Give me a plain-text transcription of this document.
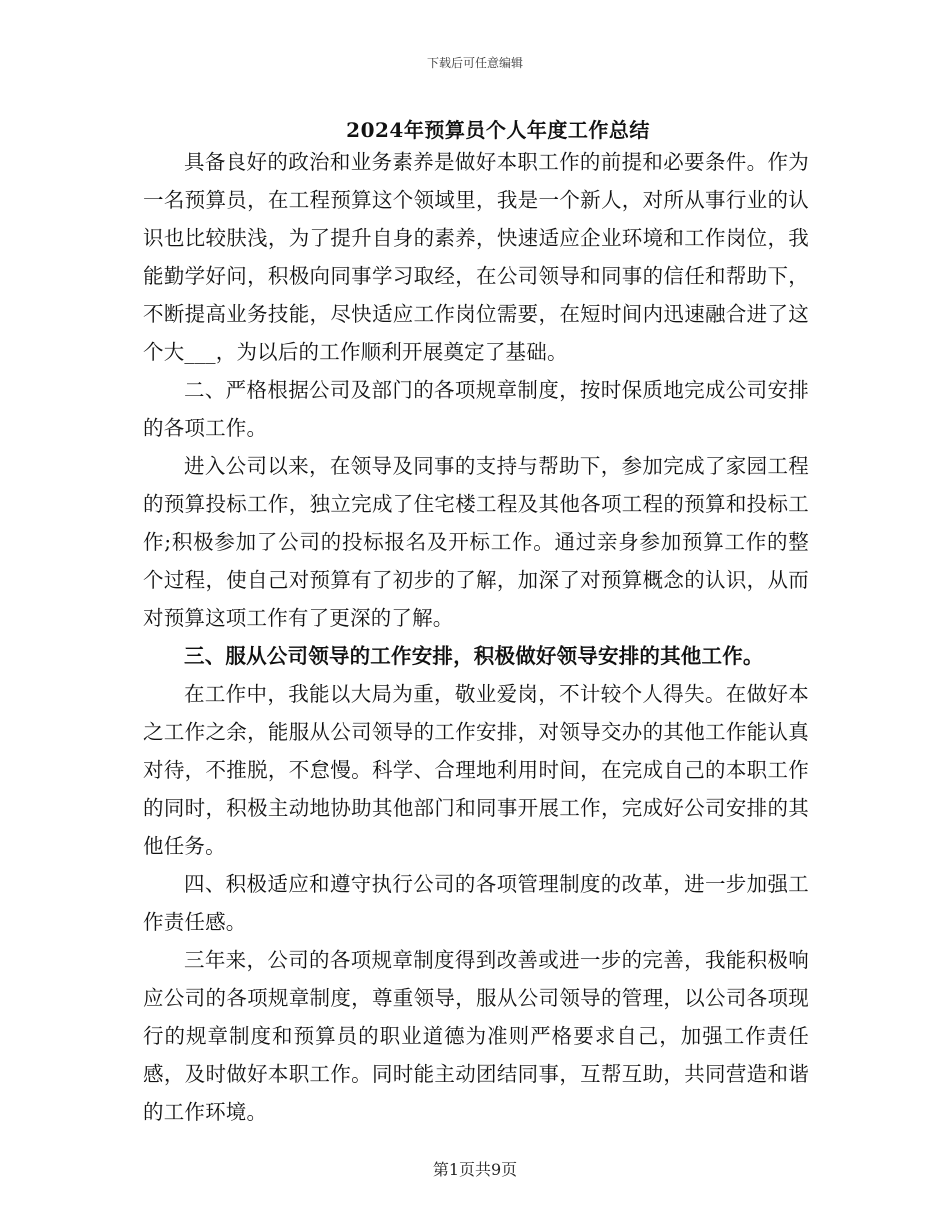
下载后可任意编辑
2024年预算员个人年度工作总结

具备良好的政治和业务素养是做好本职工作的前提和必要条件。作为一名预算员，在工程预算这个领域里，我是一个新人，对所从事行业的认识也比较肤浅，为了提升自身的素养，快速适应企业环境和工作岗位，我能勤学好问，积极向同事学习取经，在公司领导和同事的信任和帮助下，不断提高业务技能，尽快适应工作岗位需要，在短时间内迅速融合进了这个大___，为以后的工作顺利开展奠定了基础。

二、严格根据公司及部门的各项规章制度，按时保质地完成公司安排的各项工作。

进入公司以来，在领导及同事的支持与帮助下，参加完成了家园工程的预算投标工作，独立完成了住宅楼工程及其他各项工程的预算和投标工作;积极参加了公司的投标报名及开标工作。通过亲身参加预算工作的整个过程，使自己对预算有了初步的了解，加深了对预算概念的认识，从而对预算这项工作有了更深的了解。

三、服从公司领导的工作安排，积极做好领导安排的其他工作。

在工作中，我能以大局为重，敬业爱岗，不计较个人得失。在做好本之工作之余，能服从公司领导的工作安排，对领导交办的其他工作能认真对待，不推脱，不怠慢。科学、合理地利用时间，在完成自己的本职工作的同时，积极主动地协助其他部门和同事开展工作，完成好公司安排的其他任务。

四、积极适应和遵守执行公司的各项管理制度的改革，进一步加强工作责任感。

三年来，公司的各项规章制度得到改善或进一步的完善，我能积极响应公司的各项规章制度，尊重领导，服从公司领导的管理，以公司各项现行的规章制度和预算员的职业道德为准则严格要求自己，加强工作责任感，及时做好本职工作。同时能主动团结同事，互帮互助，共同营造和谐的工作环境。

第1页共9页
